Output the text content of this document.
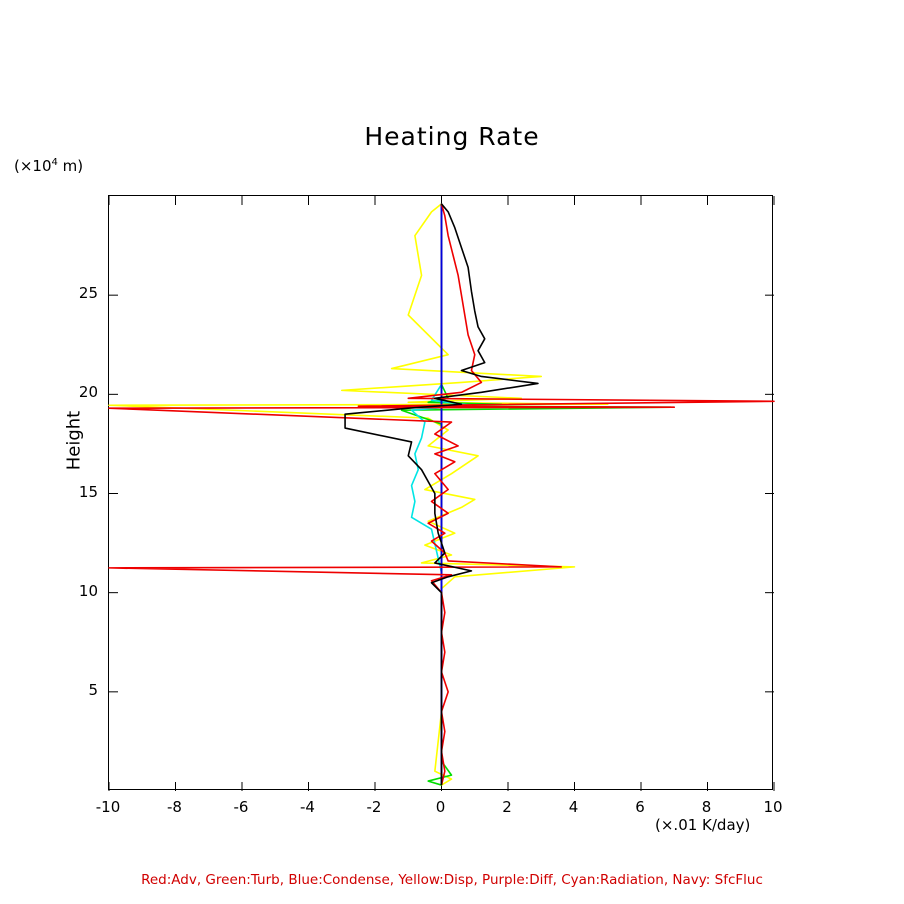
Heating Rate
($\times 10^4$ m)
Height
(×.01 K/day)
Red:Adv, Green:Turb, Blue:Condense, Yellow:Disp, Purple:Diff, Cyan:Radiation, Navy: SfcFluc
-10	-8	-6	-4	-2	0	2	4	6	8	10
5
10
15
20
25
